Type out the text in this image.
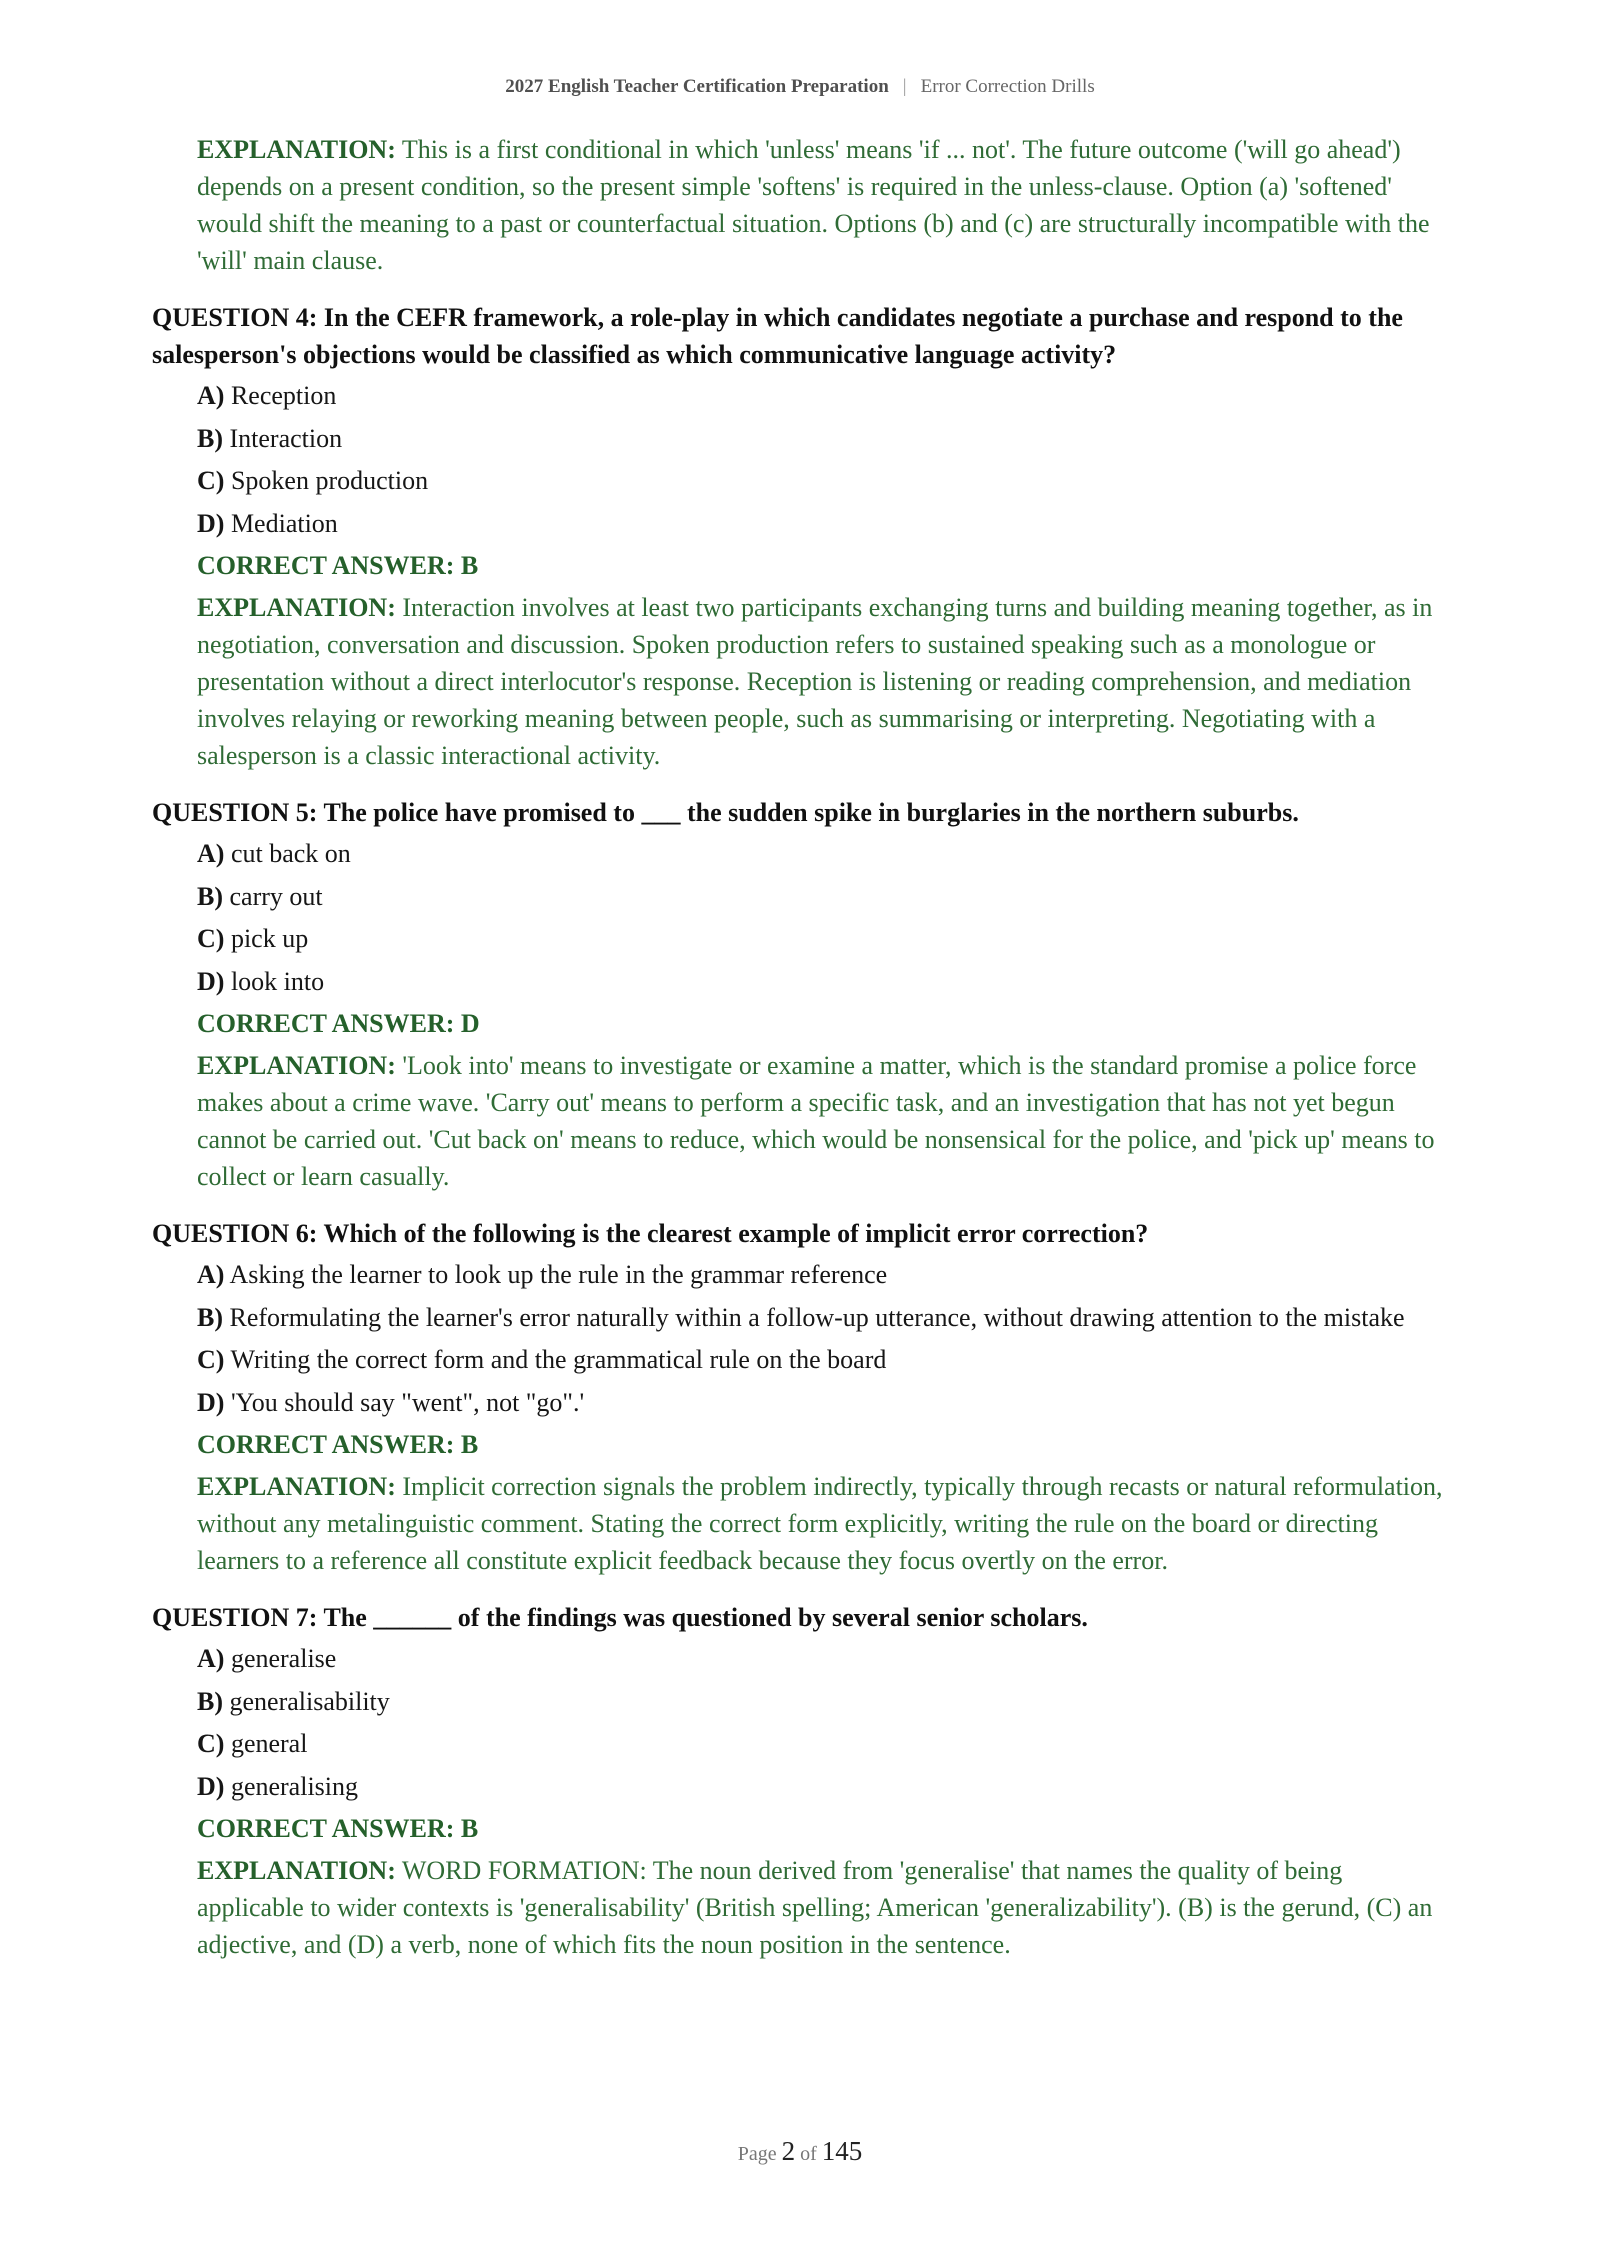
2027 English Teacher Certification Preparation | Error Correction Drills
EXPLANATION: This is a first conditional in which 'unless' means 'if ... not'. The future outcome ('will go ahead') depends on a present condition, so the present simple 'softens' is required in the unless-clause. Option (a) 'softened' would shift the meaning to a past or counterfactual situation. Options (b) and (c) are structurally incompatible with the 'will' main clause.
QUESTION 4: In the CEFR framework, a role-play in which candidates negotiate a purchase and respond to the salesperson's objections would be classified as which communicative language activity?
A) Reception
B) Interaction
C) Spoken production
D) Mediation
CORRECT ANSWER: B
EXPLANATION: Interaction involves at least two participants exchanging turns and building meaning together, as in negotiation, conversation and discussion. Spoken production refers to sustained speaking such as a monologue or presentation without a direct interlocutor's response. Reception is listening or reading comprehension, and mediation involves relaying or reworking meaning between people, such as summarising or interpreting. Negotiating with a salesperson is a classic interactional activity.
QUESTION 5: The police have promised to ___ the sudden spike in burglaries in the northern suburbs.
A) cut back on
B) carry out
C) pick up
D) look into
CORRECT ANSWER: D
EXPLANATION: 'Look into' means to investigate or examine a matter, which is the standard promise a police force makes about a crime wave. 'Carry out' means to perform a specific task, and an investigation that has not yet begun cannot be carried out. 'Cut back on' means to reduce, which would be nonsensical for the police, and 'pick up' means to collect or learn casually.
QUESTION 6: Which of the following is the clearest example of implicit error correction?
A) Asking the learner to look up the rule in the grammar reference
B) Reformulating the learner's error naturally within a follow-up utterance, without drawing attention to the mistake
C) Writing the correct form and the grammatical rule on the board
D) 'You should say "went", not "go".'
CORRECT ANSWER: B
EXPLANATION: Implicit correction signals the problem indirectly, typically through recasts or natural reformulation, without any metalinguistic comment. Stating the correct form explicitly, writing the rule on the board or directing learners to a reference all constitute explicit feedback because they focus overtly on the error.
QUESTION 7: The ______ of the findings was questioned by several senior scholars.
A) generalise
B) generalisability
C) general
D) generalising
CORRECT ANSWER: B
EXPLANATION: WORD FORMATION: The noun derived from 'generalise' that names the quality of being applicable to wider contexts is 'generalisability' (British spelling; American 'generalizability'). (B) is the gerund, (C) an adjective, and (D) a verb, none of which fits the noun position in the sentence.
Page 2 of 145
